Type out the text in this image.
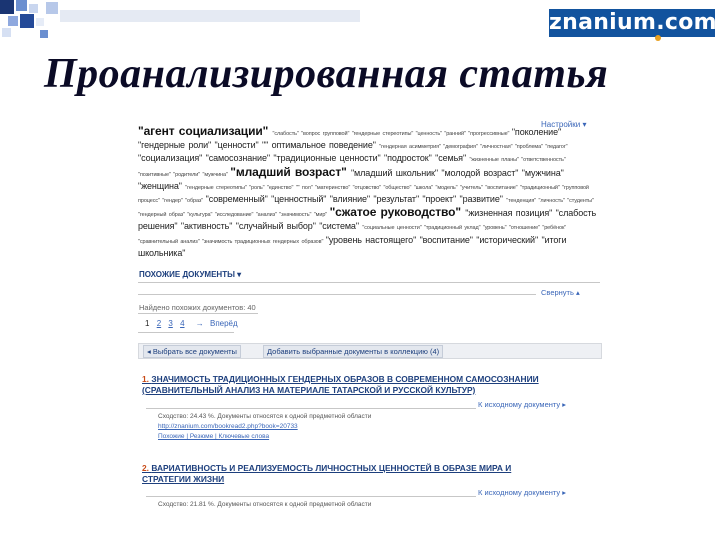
znanium.com
Проанализированная статья
Настройки ▾
"агент социализации" "слабость" "вопрос групповой" "гендерные стереотипы" "ценность" "ранний" "прогрессивные" "поколение" "гендерные роли" "ценности" "" оптимальное поведение" "гендерная асимметрия" "демография" "личностная" "проблема" "педагог" "социализация" "самосознание" "традиционные ценности" "подросток" "семья" "жизненные планы" "ответственность" "позитивные" "родители" "мужчина" "младший возраст" "младший школьник" "молодой возраст" "мужчина" "женщина" "гендерные стереотипы" "роль" "единство" "" пол" "материнство" "отцовство" "общество" "школа" "модель" "учитель" "воспитание" "традиционный" "групповой процесс" "гендер" "образ" "современный" "ценностный" "влияние" "результат" "проект" "развитие" "тенденция" "личность" "студенты" "гендерный образ" "культура" "исследование" "анализ" "значимость" "мир" "сжатое руководство" "жизненная позиция" "слабость решения" "активность" "случайный выбор" "система" "социальные ценности" "традиционный уклад" "уровень" "отношение" "ребёнок" "сравнительный анализ" "значимость традиционных гендерных образов" "уровень настоящего" "воспитание" "исторический" "итоги школьника"
ПОХОЖИЕ ДОКУМЕНТЫ ▾
Свернуть ▴
Найдено похожих документов: 40
1 2 3 4 → Вперёд
◂ Выбрать все документы	Добавить выбранные документы в коллекцию (4)
1. ЗНАЧИМОСТЬ ТРАДИЦИОННЫХ ГЕНДЕРНЫХ ОБРАЗОВ В СОВРЕМЕННОМ САМОСОЗНАНИИ (СРАВНИТЕЛЬНЫЙ АНАЛИЗ НА МАТЕРИАЛЕ ТАТАРСКОЙ И РУССКОЙ КУЛЬТУР)
К исходному документу ▸
Сходство: 24.43 %. Документы относятся к одной предметной области
http://znanium.com/bookread2.php?book=20733
Похожие | Резюме | Ключевые слова
2. ВАРИАТИВНОСТЬ И РЕАЛИЗУЕМОСТЬ ЛИЧНОСТНЫХ ЦЕННОСТЕЙ В ОБРАЗЕ МИРА И СТРАТЕГИИ ЖИЗНИ
К исходному документу ▸
Сходство: 21.81 %. Документы относятся к одной предметной области
